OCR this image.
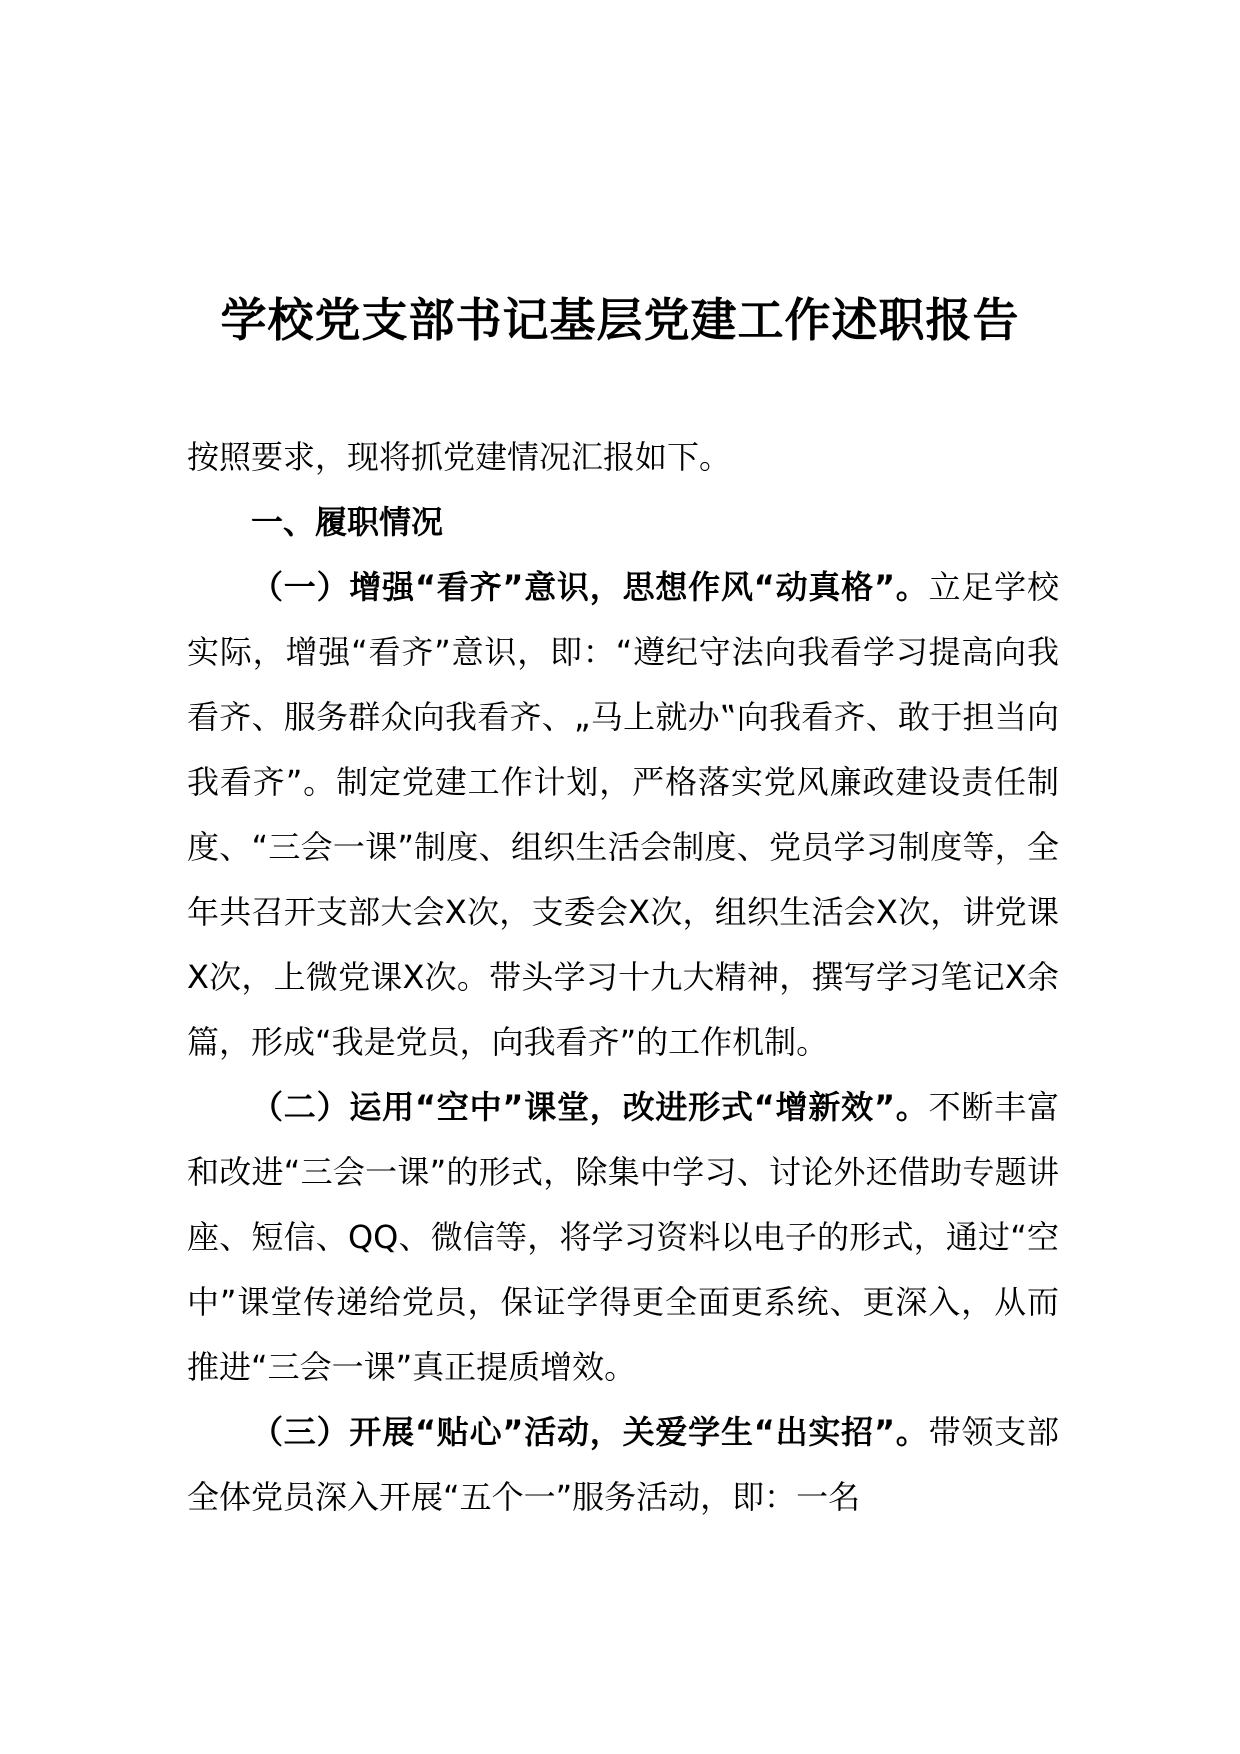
学校党支部书记基层党建工作述职报告

按照要求，现将抓党建情况汇报如下。

一、履职情况

（一）增强“看齐”意识，思想作风“动真格”。立足学校实际，增强“看齐”意识，即：“遵纪守法向我看学习提高向我看齐、服务群众向我看齐、„马上就办‟向我看齐、敢于担当向我看齐”。制定党建工作计划，严格落实党风廉政建设责任制度、“三会一课”制度、组织生活会制度、党员学习制度等，全年共召开支部大会X次，支委会X次，组织生活会X次，讲党课X次，上微党课X次。带头学习十九大精神，撰写学习笔记X余篇，形成“我是党员，向我看齐”的工作机制。

（二）运用“空中”课堂，改进形式“增新效”。不断丰富和改进“三会一课”的形式，除集中学习、讨论外还借助专题讲座、短信、QQ、微信等，将学习资料以电子的形式，通过“空中”课堂传递给党员，保证学得更全面更系统、更深入，从而推进“三会一课”真正提质增效。

（三）开展“贴心”活动，关爱学生“出实招”。带领支部全体党员深入开展“五个一”服务活动，即：一名
